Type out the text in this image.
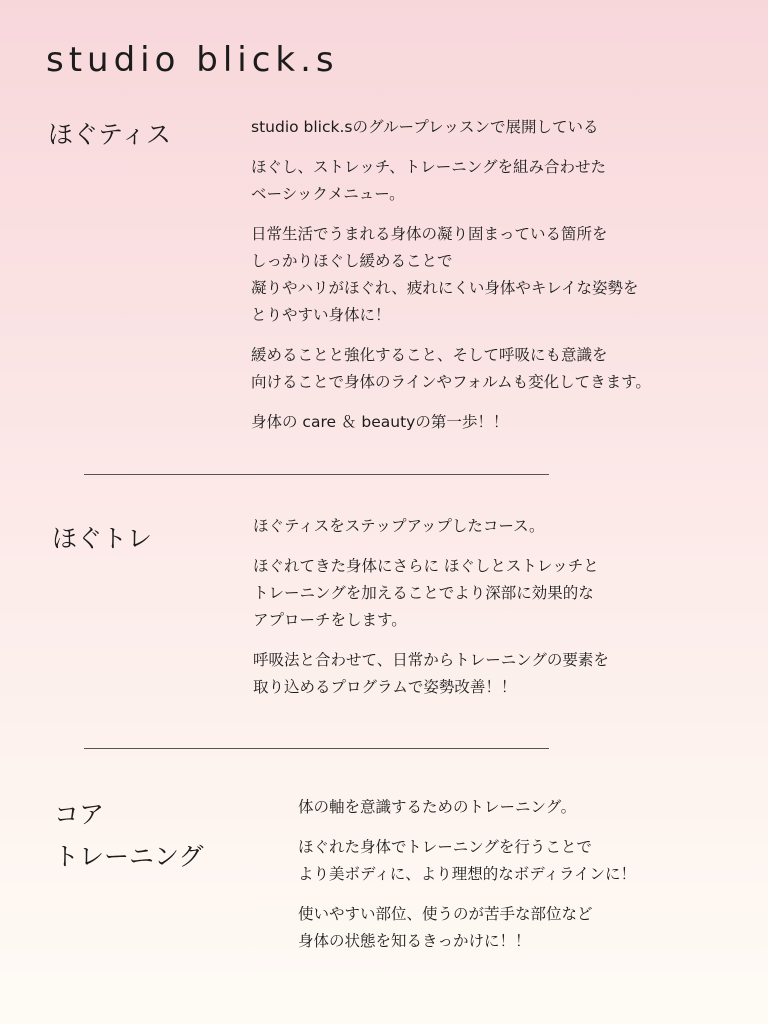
studio blick.s
ほぐティス	studio blick.sのグループレッスンで展開している
ほぐし、ストレッチ、トレーニングを組み合わせた
ベーシックメニュー。
日常生活でうまれる身体の凝り固まっている箇所を
しっかりほぐし緩めることで
凝りやハリがほぐれ、疲れにくい身体やキレイな姿勢を
とりやすい身体に！
緩めることと強化すること、そして呼吸にも意識を
向けることで身体のラインやフォルムも変化してきます。
身体の care ＆ beautyの第一歩！！
ほぐトレ	ほぐティスをステップアップしたコース。
ほぐれてきた身体にさらに ほぐしとストレッチと
トレーニングを加えることでより深部に効果的な
アプローチをします。
呼吸法と合わせて、日常からトレーニングの要素を
取り込めるプログラムで姿勢改善！！
コア
トレーニング
体の軸を意識するためのトレーニング。
ほぐれた身体でトレーニングを行うことで
より美ボディに、より理想的なボディラインに！
使いやすい部位、使うのが苦手な部位など
身体の状態を知るきっかけに！！
